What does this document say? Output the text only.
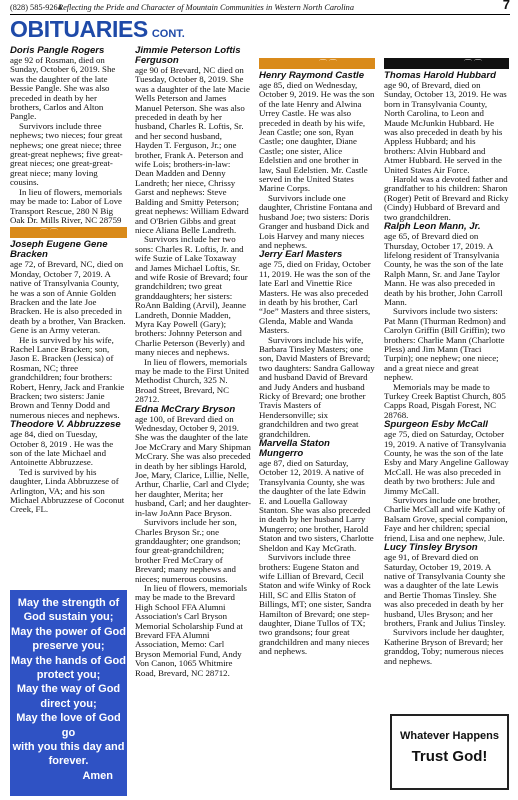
(828) 585-9264
Reflecting the Pride and Character of Mountain Communities in Western North Carolina	7
OBITUARIES CONT.
Doris Pangle Rogers

age 92 of Rosman, died on Sunday, October 6, 2019. She was the daughter of the late Bessie Pangle. She was also preceded in death by her brothers, Carlos and Alton Pangle.

Survivors include three nephews; two nieces; four great nephews; one great niece; three great-great nephews; five great-great nieces; one great-great-great niece; many loving cousins.

In lieu of flowers, memorials may be made to: Labor of Love Transport Rescue, 280 N Big Oak Dr. Mills River, NC 28759

⌒ ⌒
Joseph Eugene Gene Bracken

age 72, of Brevard, NC, died on Monday, October 7, 2019. A native of Transylvania County, he was a son of Annie Golden Bracken and the late Joe Bracken. He is also preceded in death by a brother, Van Bracken. Gene is an Army veteran.

He is survived by his wife, Rachel Lance Bracken; son, Jason E. Bracken (Jessica) of Rosman, NC; three grandchildren; four brothers: Robert, Henry, Jack and Frankie Bracken; two sisters: Janie Brown and Tenny Dodd and numerous nieces and nephews.

Theodore V. Abbruzzese

age 84, died on Tuesday, October 8, 2019 . He was the son of the late Michael and Antoinette Abbruzzese.

Ted is survived by his daughter, Linda Abbruzzese of Arlington, VA; and his son Michael Abbruzzese of Coconut Creek, FL.

Jimmie Peterson Loftis Ferguson

age 90 of Brevard, NC died on Tuesday, October 8, 2019. She was a daughter of the late Macie Wells Peterson and James Manuel Peterson. She was also preceded in death by her husband, Charles R. Loftis, Sr. and her second husband, Hayden T. Ferguson, Jr.; one brother, Frank A. Peterson and wife Lois; brothers-in-law: Dean Madden and Denny Landreth; her niece, Chrissy Garst and nephews: Steve Balding and Smitty Peterson; great nephews: William Edward and O'Brien Gibbs and great niece Aliana Belle Landreth.

Survivors include her two sons: Charles R. Loftis, Jr. and wife Suzie of Lake Toxaway and James Michael Loftis, Sr. and wife Rosie of Brevard; four grandchildren; two great granddaughters; her sisters: RoAnn Balding (Arvil), Jeanne Landreth, Donnie Madden, Myra Kay Powell (Gary); brothers: Johnny Peterson and Charlie Peterson (Beverly) and many nieces and nephews.

In lieu of flowers, memorials may be made to the First United Methodist Church, 325 N. Broad Street, Brevard, NC 28712.

Edna McCrary Bryson

age 100, of Brevard died on Wednesday, October 9, 2019. She was the daughter of the late Joe McCrary and Mary Shipman McCrary. She was also preceded in death by her siblings Harold, Joe, Mary, Clarice, Lillie, Nelle, Arthur, Charlie, Carl and Clyde; her daughter, Merita; her husband, Carl; and her daughter-in-law JoAnn Pace Bryson.

Survivors include her son, Charles Bryson Sr.; one granddaughter; one grandson; four great-grandchildren; brother Fred McCrary of Brevard; many nephews and nieces; numerous cousins.

In lieu of flowers, memorials may be made to the Brevard High School FFA Alumni Association's Carl Bryson Memorial Scholarship Fund at Brevard FFA Alumni Association, Memo: Carl Bryson Memorial Fund, Andy Von Canon, 1065 Whitmire Road, Brevard, NC 28712.

⌒ ⌒
Henry Raymond Castle

age 85, died on Wednesday, October 9, 2019. He was the son of the late Henry and Alwina Urrey Castle. He was also preceded in death by his wife, Jean Castle; one son, Ryan Castle; one daughter, Diane Castle; one sister, Alice Edelstien and one brother in law, Saul Edelstien. Mr. Castle served in the United States Marine Corps.

Survivors include one daughter, Christine Fontana and husband Joe; two sisters: Doris Granger and husband Dick and Lois Harvey and many nieces and nephews.

Jerry Earl Masters

age 75, died on Friday, October 11, 2019. He was the son of the late Earl and Vinettie Rice Masters. He was also preceded in death by his brother, Carl “Joe” Masters and three sisters, Glenda, Mable and Wanda Masters.

Survivors include his wife, Barbara Tinsley Masters; one son, David Masters of Brevard; two daughters: Sandra Galloway and husband David of Brevard and Judy Anders and husband Ricky of Brevard; one brother Travis Masters of Hendersonville; six grandchildren and two great grandchildren.

Marvella Staton Mungerro

age 87, died on Saturday, October 12, 2019. A native of Transylvania County, she was the daughter of the late Edwin E. and Louella Galloway Stanton. She was also preceded in death by her husband Larry Mungerro; one brother, Harold Staton and two sisters, Charlotte Sheldon and Kay McGrath.

Survivors include three brothers: Eugene Staton and wife Lillian of Brevard, Cecil Staton and wife Winky of Rock Hill, SC and Ellis Staton of Billings, MT; one sister, Sandra Hamilton of Brevard; one step-daughter, Diane Tullos of TX; two grandsons; four great grandchildren and many nieces and nephews.

⌒ ⌒
Thomas Harold Hubbard

age 90, of Brevard, died on Sunday, October 13, 2019. He was born in Transylvania County, North Carolina, to Leon and Maude McJunkin Hubbard. He was also preceded in death by his Appless Hubbard; and his brothers: Alvin Hubbard and Atmer Hubbard. He served in the United States Air Force.

Harold was a devoted father and grandfather to his children: Sharon (Roger) Petit of Brevard and Ricky (Cindy) Hubbard of Brevard and two grandchildren.

Ralph Leon Mann, Jr.

age 65, of Brevard died on Thursday, October 17, 2019. A lifelong resident of Transylvania County, he was the son of the late Ralph Mann, Sr. and Jane Taylor Mann. He was also preceded in death by his brother, John Carroll Mann.

Survivors include two sisters: Pat Mann (Thurman Redmon) and Carolyn Griffin (Bill Griffin); two brothers: Charlie Mann (Charlotte Pless) and Jim Mann (Traci Turpin); one nephew; one niece; and a great niece and great nephew.

Memorials may be made to Turkey Creek Baptist Church, 805 Capps Road, Pisgah Forest, NC 28768.

Spurgeon Esby McCall

age 75, died on Saturday, October 19, 2019. A native of Transylvania County, he was the son of the late Esby and Mary Angeline Galloway McCall. He was also preceded in death by two brothers: Jule and Jimmy McCall.

Survivors include one brother, Charlie McCall and wife Kathy of Balsam Grove, special companion, Faye and her children; special friend, Lisa and one nephew, Jule.

Lucy Tinsley Bryson

age 91, of Brevard died on Saturday, October 19, 2019. A native of Transylvania County she was a daughter of the late Lewis and Bertie Thomas Tinsley. She was also preceded in death by her husband, Ules Bryson; and her brothers, Frank and Julius Tinsley.

Survivors include her daughter, Katherine Bryson of Brevard; her granddog, Toby; numerous nieces and nephews.

May the strength of
God sustain you;
May the power of God
preserve you;
May the hands of God
protect you;
May the way of God
direct you;
May the love of God go
with you this day and
forever.
Amen
Whatever Happens
Trust God!
